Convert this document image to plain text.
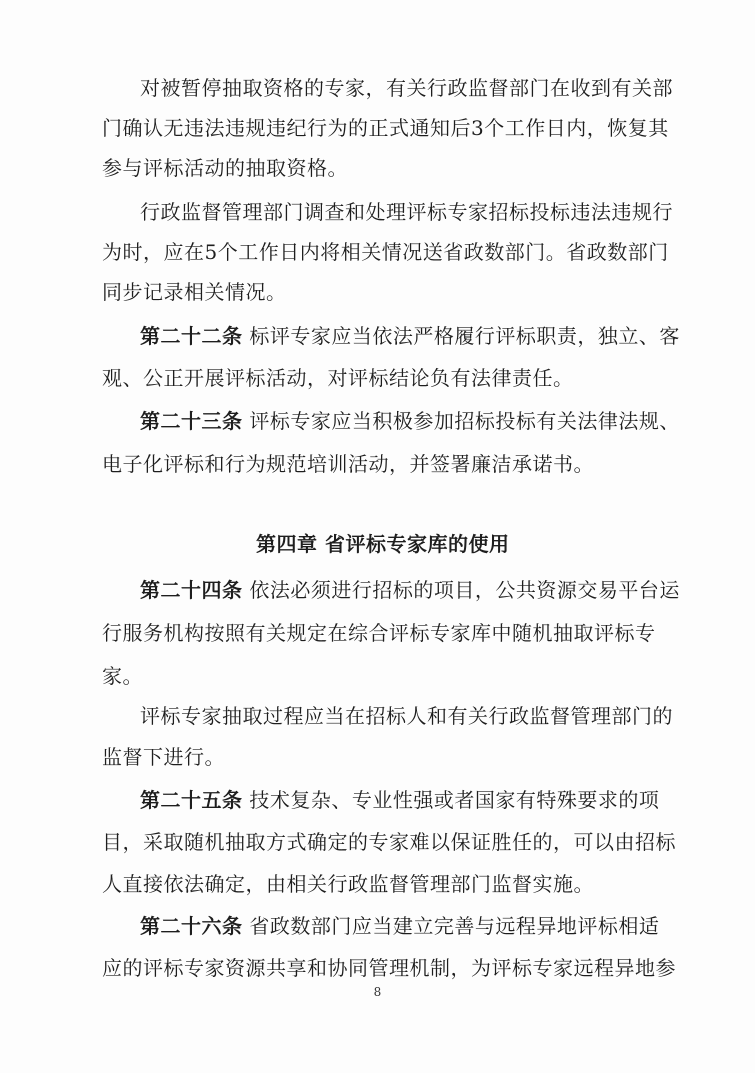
对被暂停抽取资格的专家，有关行政监督部门在收到有关部

门确认无违法违规违纪行为的正式通知后3个工作日内，恢复其

参与评标活动的抽取资格。

行政监督管理部门调查和处理评标专家招标投标违法违规行

为时，应在5个工作日内将相关情况送省政数部门。省政数部门

同步记录相关情况。

第二十二条 标评专家应当依法严格履行评标职责，独立、客

观、公正开展评标活动，对评标结论负有法律责任。

第二十三条 评标专家应当积极参加招标投标有关法律法规、

电子化评标和行为规范培训活动，并签署廉洁承诺书。

第四章 省评标专家库的使用

第二十四条 依法必须进行招标的项目，公共资源交易平台运

行服务机构按照有关规定在综合评标专家库中随机抽取评标专

家。

评标专家抽取过程应当在招标人和有关行政监督管理部门的

监督下进行。

第二十五条 技术复杂、专业性强或者国家有特殊要求的项

目，采取随机抽取方式确定的专家难以保证胜任的，可以由招标

人直接依法确定，由相关行政监督管理部门监督实施。

第二十六条 省政数部门应当建立完善与远程异地评标相适

应的评标专家资源共享和协同管理机制，为评标专家远程异地参

8
